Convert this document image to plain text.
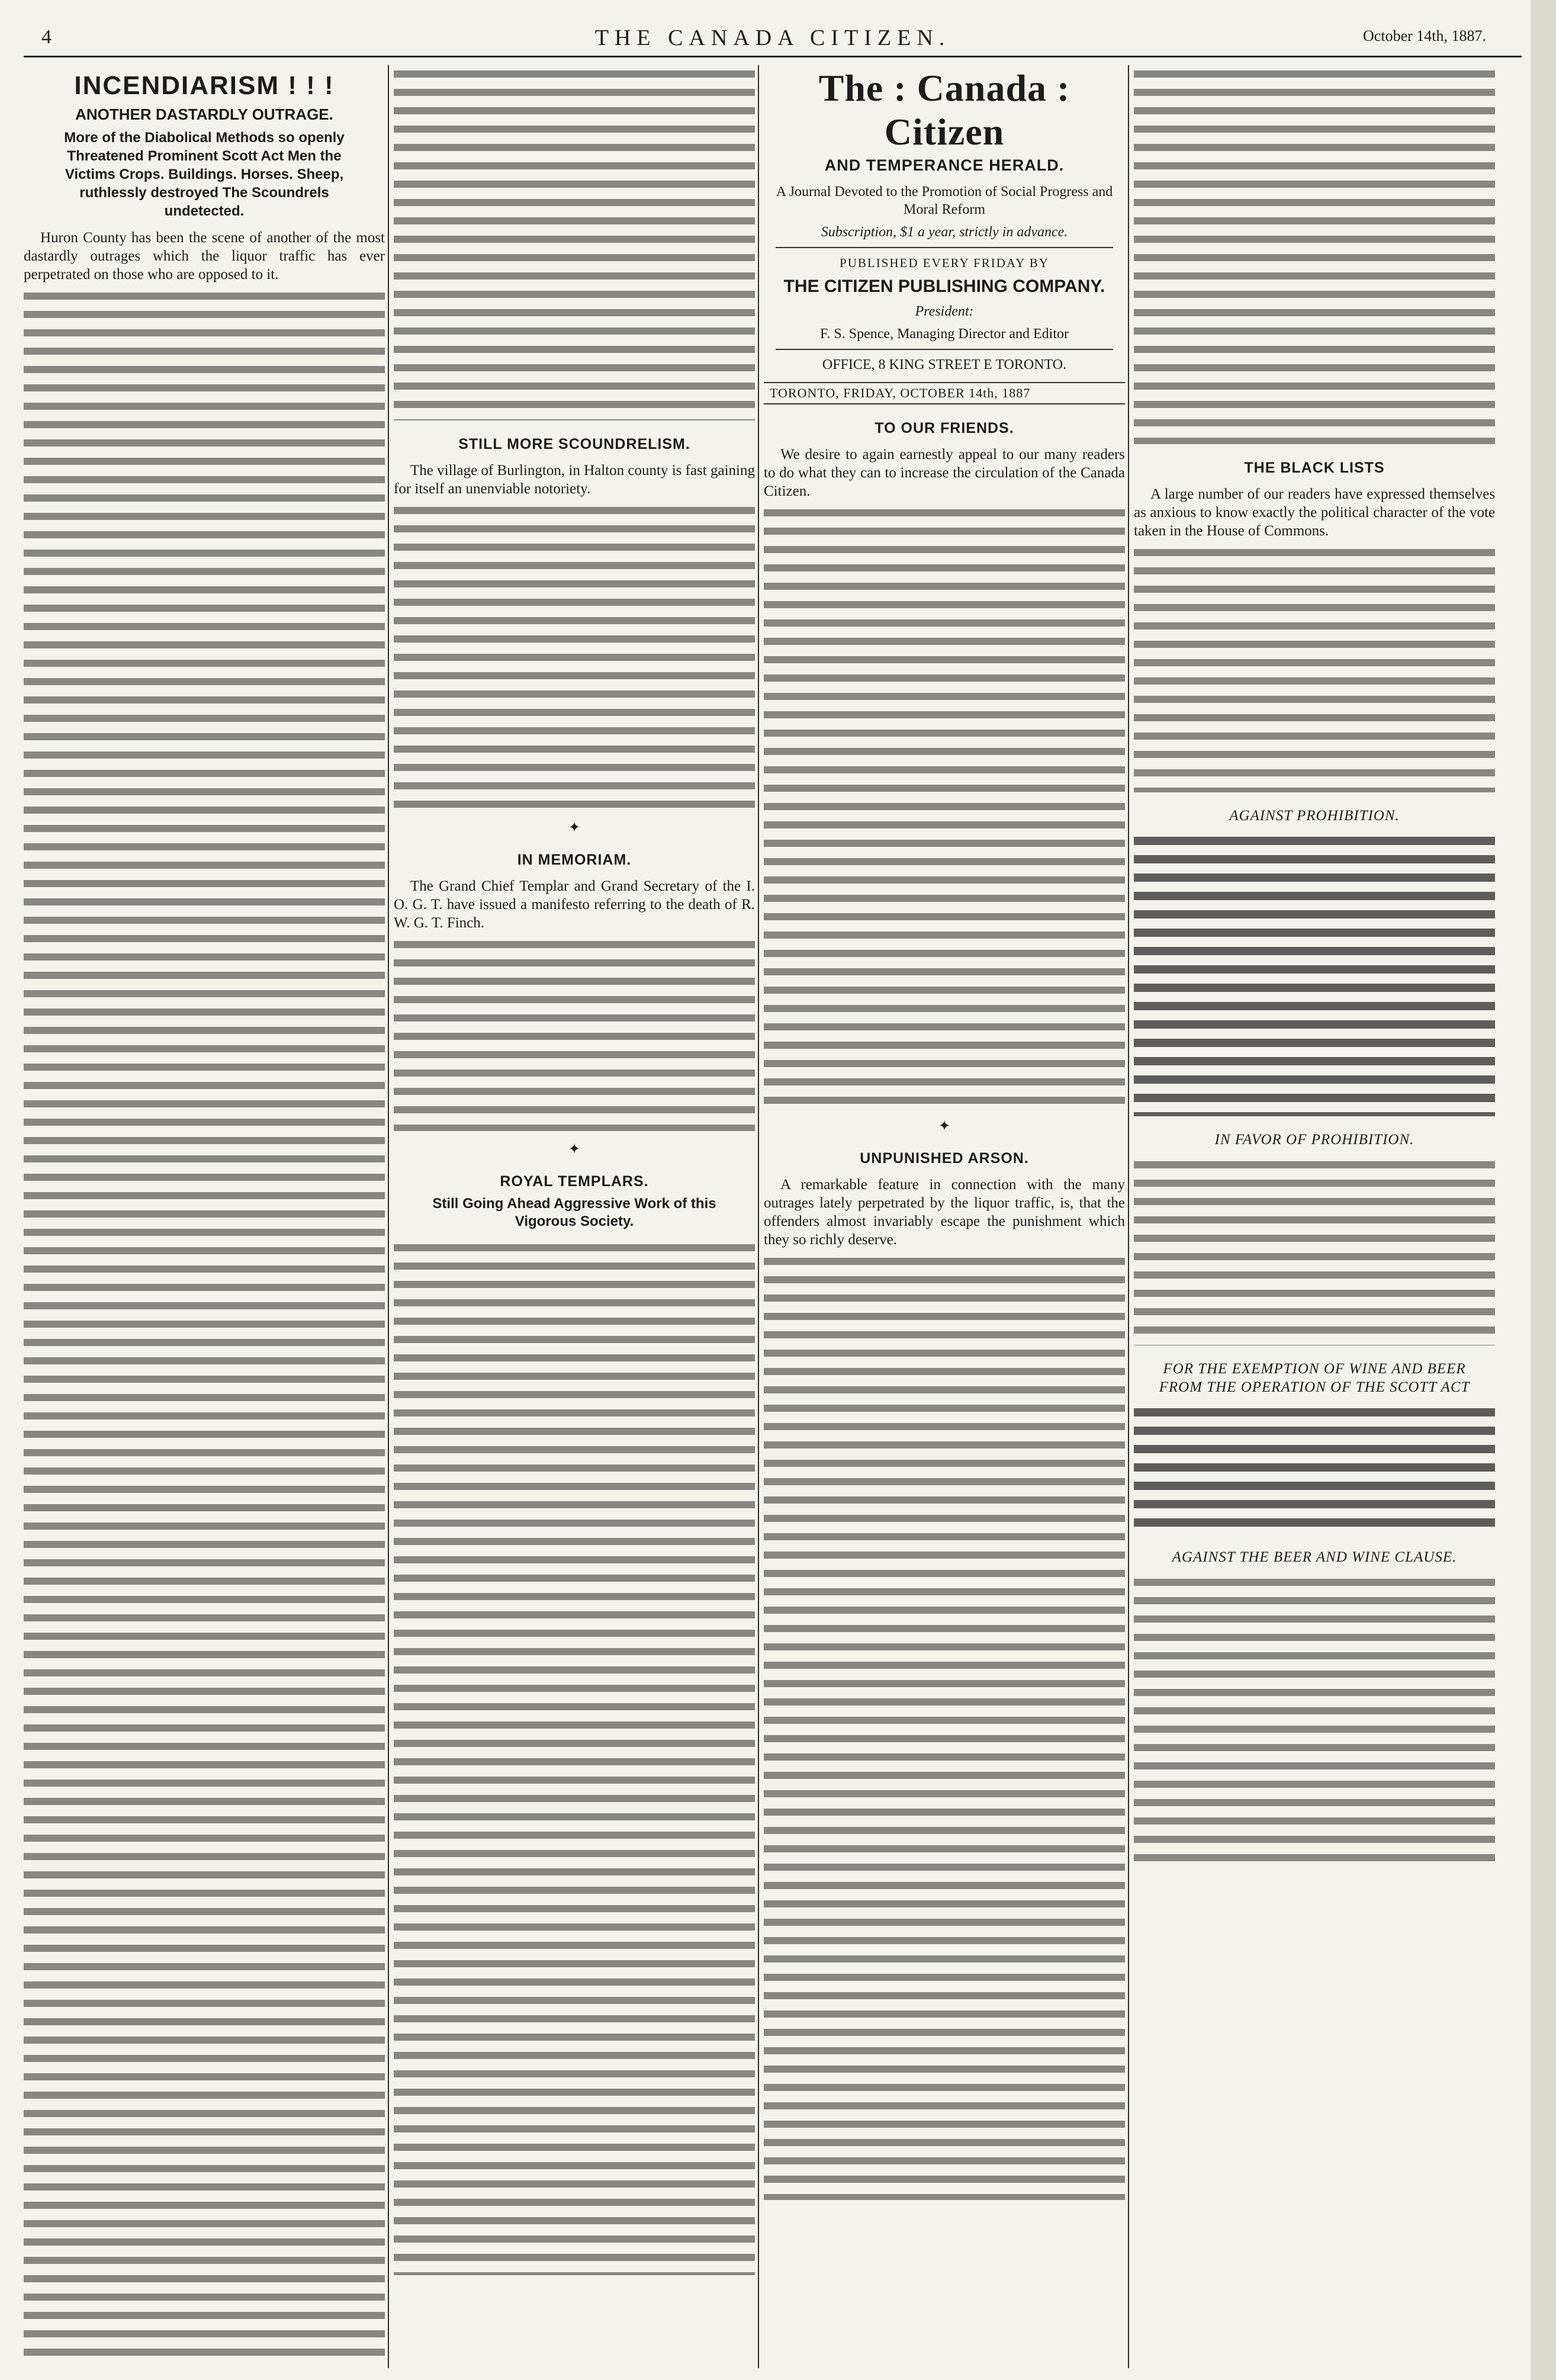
4	THE CANADA CITIZEN.	October 14th, 1887.
INCENDIARISM ! ! !
ANOTHER DASTARDLY OUTRAGE.
More of the Diabolical Methods so openly Threatened Prominent Scott Act Men the Victims Crops. Buildings. Horses. Sheep, ruthlessly destroyed The Scoundrels undetected.

Huron County has been the scene of another of the most dastardly outrages which the liquor traffic has ever perpetrated on those who are opposed to it.

STILL MORE SCOUNDRELISM.

The village of Burlington, in Halton county is fast gaining for itself an unenviable notoriety.

✦
IN MEMORIAM.

The Grand Chief Templar and Grand Secretary of the I. O. G. T. have issued a manifesto referring to the death of R. W. G. T. Finch.

✦
ROYAL TEMPLARS.
Still Going Ahead Aggressive Work of this Vigorous Society.
The : Canada : Citizen
AND TEMPERANCE HERALD.
A Journal Devoted to the Promotion of Social Progress and Moral Reform
Subscription, $1 a year, strictly in advance.
PUBLISHED EVERY FRIDAY BY
THE CITIZEN PUBLISHING COMPANY.
President:
F. S. Spence, Managing Director and Editor
OFFICE, 8 KING STREET E TORONTO.
TORONTO, FRIDAY, OCTOBER 14th, 1887
TO OUR FRIENDS.

We desire to again earnestly appeal to our many readers to do what they can to increase the circulation of the Canada Citizen.

✦
UNPUNISHED ARSON.

A remarkable feature in connection with the many outrages lately perpetrated by the liquor traffic, is, that the offenders almost invariably escape the punishment which they so richly deserve.

THE BLACK LISTS

A large number of our readers have expressed themselves as anxious to know exactly the political character of the vote taken in the House of Commons.

AGAINST PROHIBITION.
IN FAVOR OF PROHIBITION.
FOR THE EXEMPTION OF WINE AND BEER FROM THE OPERATION OF THE SCOTT ACT
AGAINST THE BEER AND WINE CLAUSE.
